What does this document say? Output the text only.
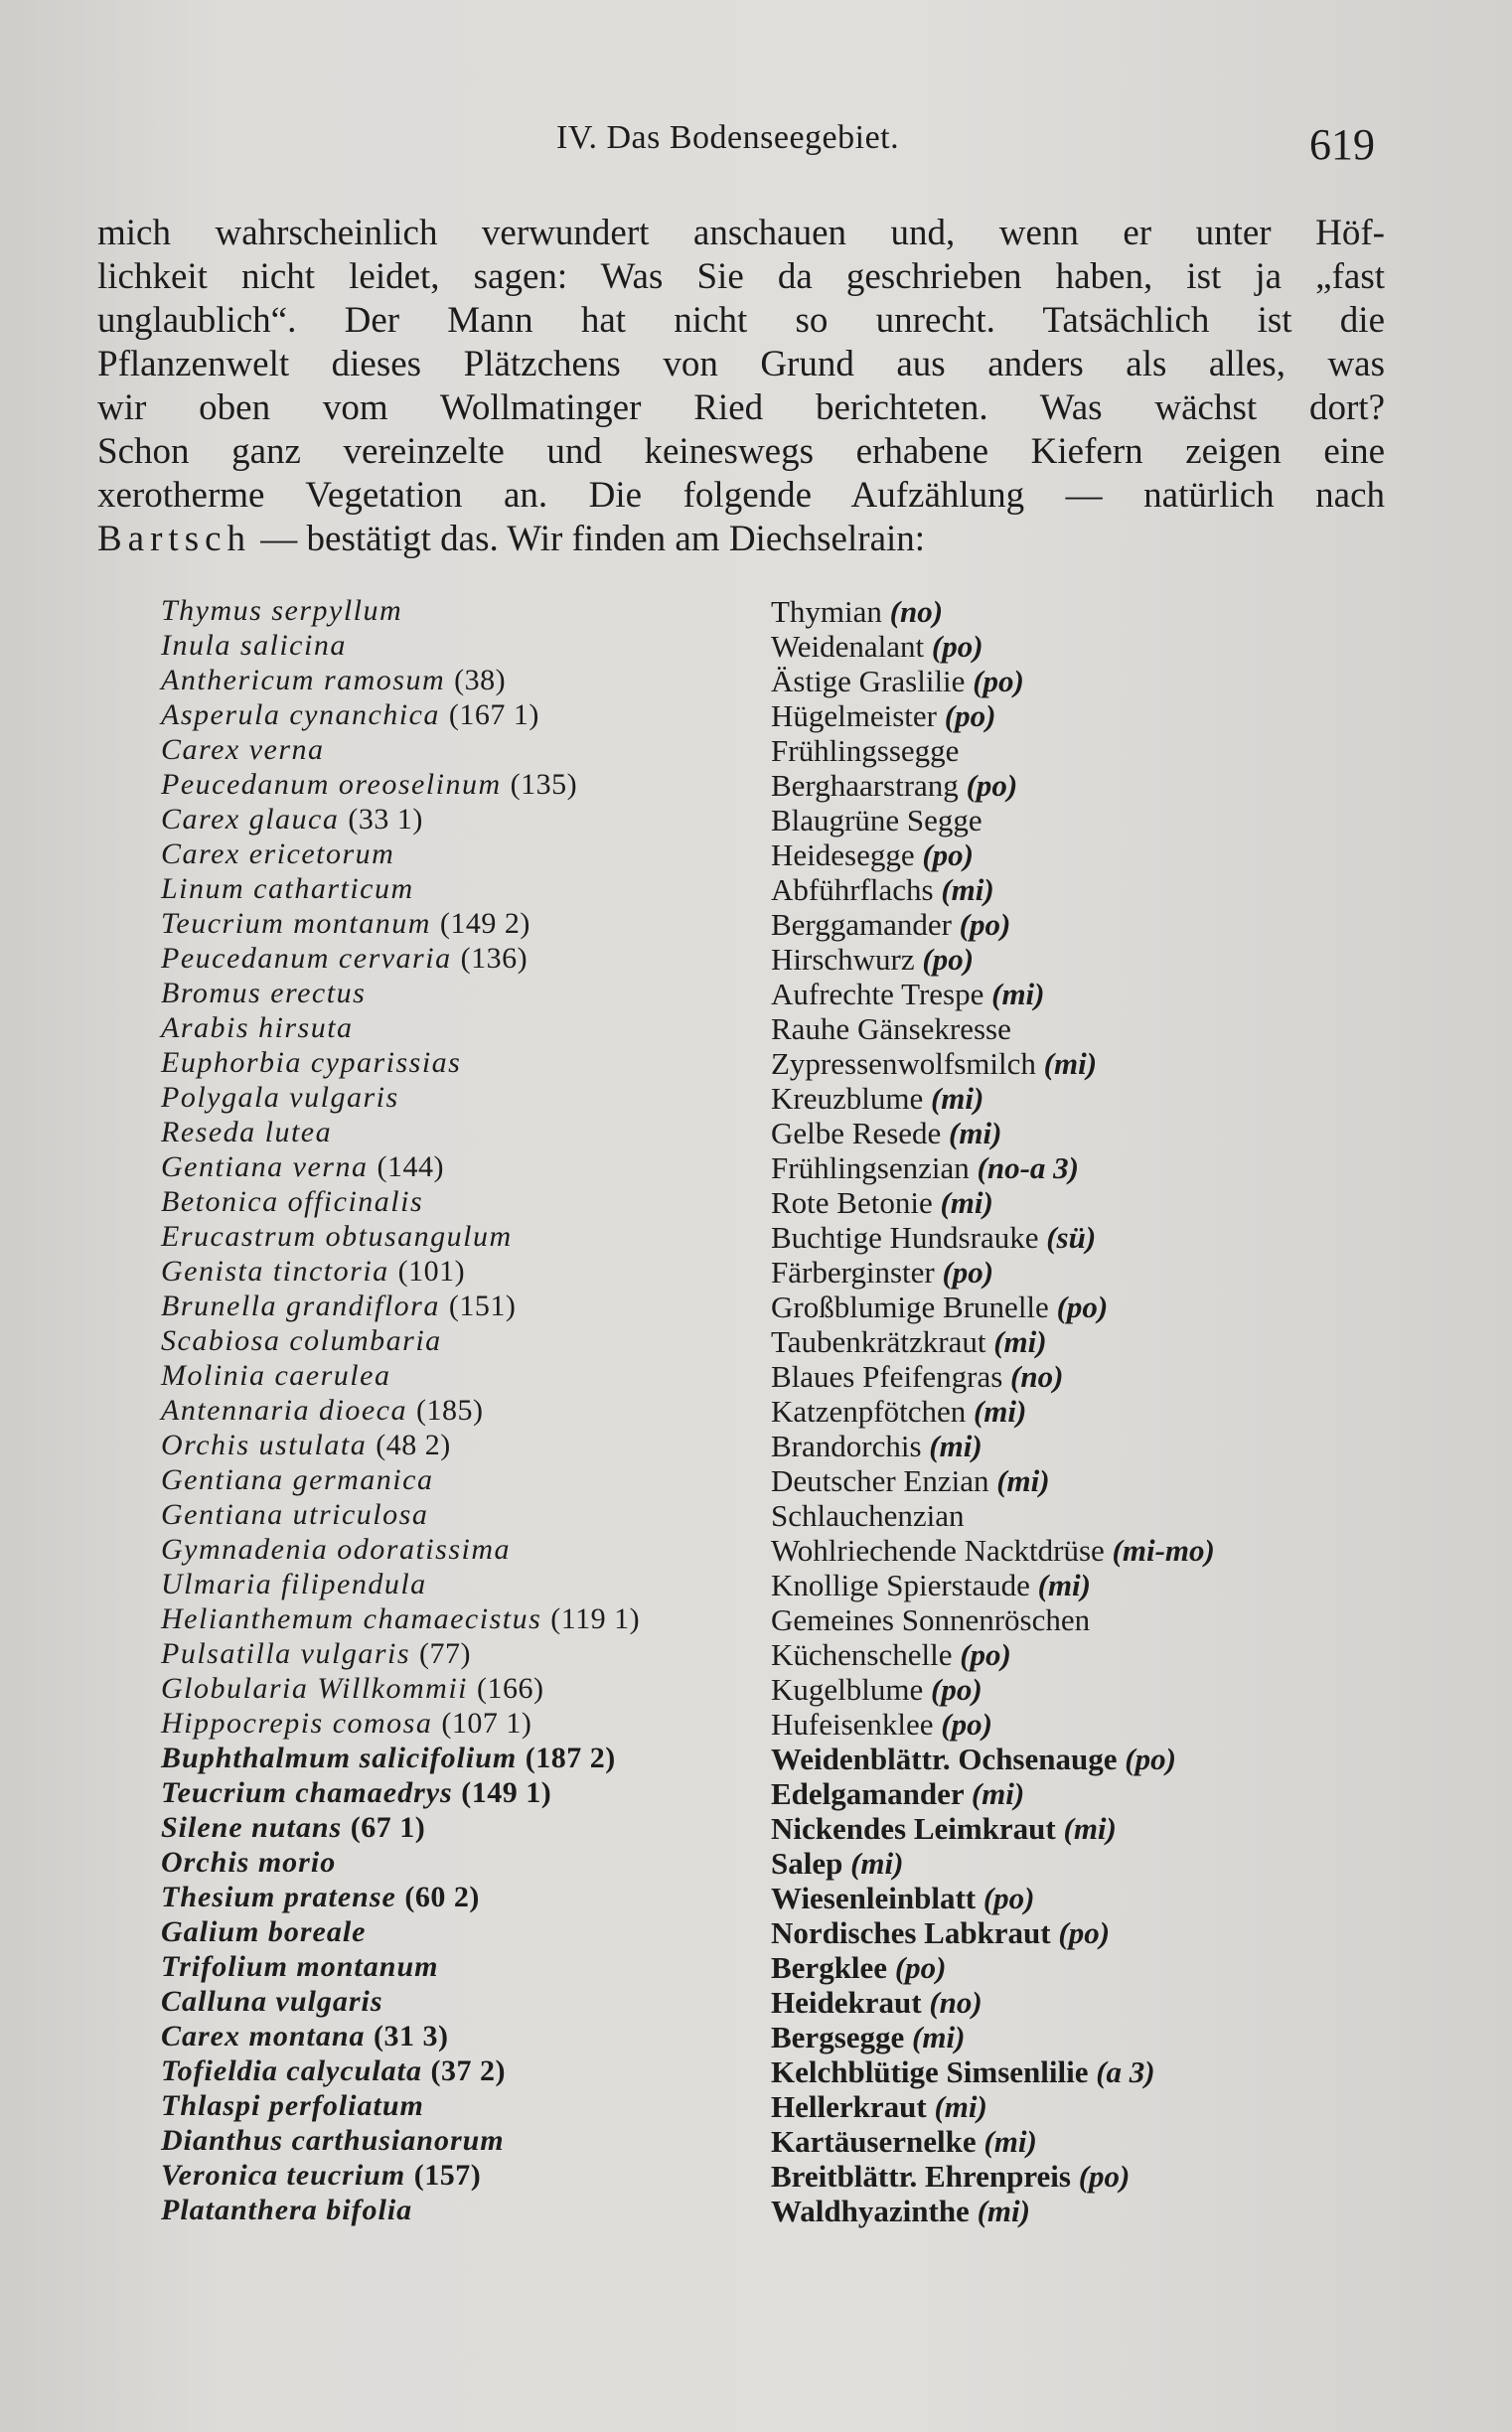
IV. Das Bodenseegebiet.	619
mich wahrscheinlich verwundert anschauen und, wenn er unter Höf-
lichkeit nicht leidet, sagen: Was Sie da geschrieben haben, ist ja „fast
unglaublich“. Der Mann hat nicht so unrecht. Tatsächlich ist die
Pflanzenwelt dieses Plätzchens von Grund aus anders als alles, was
wir oben vom Wollmatinger Ried berichteten. Was wächst dort?
Schon ganz vereinzelte und keineswegs erhabene Kiefern zeigen eine
xerotherme Vegetation an. Die folgende Aufzählung — natürlich nach
Bartsch — bestätigt das. Wir finden am Diechselrain:
Thymus serpyllum	Thymian (no)
Inula salicina	Weidenalant (po)
Anthericum ramosum (38)	Ästige Graslilie (po)
Asperula cynanchica (167 1)	Hügelmeister (po)
Carex verna	Frühlingssegge
Peucedanum oreoselinum (135)	Berghaarstrang (po)
Carex glauca (33 1)	Blaugrüne Segge
Carex ericetorum	Heidesegge (po)
Linum catharticum	Abführflachs (mi)
Teucrium montanum (149 2)	Berggamander (po)
Peucedanum cervaria (136)	Hirschwurz (po)
Bromus erectus	Aufrechte Trespe (mi)
Arabis hirsuta	Rauhe Gänsekresse
Euphorbia cyparissias	Zypressenwolfsmilch (mi)
Polygala vulgaris	Kreuzblume (mi)
Reseda lutea	Gelbe Resede (mi)
Gentiana verna (144)	Frühlingsenzian (no-a 3)
Betonica officinalis	Rote Betonie (mi)
Erucastrum obtusangulum	Buchtige Hundsrauke (sü)
Genista tinctoria (101)	Färberginster (po)
Brunella grandiflora (151)	Großblumige Brunelle (po)
Scabiosa columbaria	Taubenkrätzkraut (mi)
Molinia caerulea	Blaues Pfeifengras (no)
Antennaria dioeca (185)	Katzenpfötchen (mi)
Orchis ustulata (48 2)	Brandorchis (mi)
Gentiana germanica	Deutscher Enzian (mi)
Gentiana utriculosa	Schlauchenzian
Gymnadenia odoratissima	Wohlriechende Nacktdrüse (mi-mo)
Ulmaria filipendula	Knollige Spierstaude (mi)
Helianthemum chamaecistus (119 1)	Gemeines Sonnenröschen
Pulsatilla vulgaris (77)	Küchenschelle (po)
Globularia Willkommii (166)	Kugelblume (po)
Hippocrepis comosa (107 1)	Hufeisenklee (po)
Buphthalmum salicifolium (187 2)	Weidenblättr. Ochsenauge (po)
Teucrium chamaedrys (149 1)	Edelgamander (mi)
Silene nutans (67 1)	Nickendes Leimkraut (mi)
Orchis morio	Salep (mi)
Thesium pratense (60 2)	Wiesenleinblatt (po)
Galium boreale	Nordisches Labkraut (po)
Trifolium montanum	Bergklee (po)
Calluna vulgaris	Heidekraut (no)
Carex montana (31 3)	Bergsegge (mi)
Tofieldia calyculata (37 2)	Kelchblütige Simsenlilie (a 3)
Thlaspi perfoliatum	Hellerkraut (mi)
Dianthus carthusianorum	Kartäusernelke (mi)
Veronica teucrium (157)	Breitblättr. Ehrenpreis (po)
Platanthera bifolia	Waldhyazinthe (mi)
